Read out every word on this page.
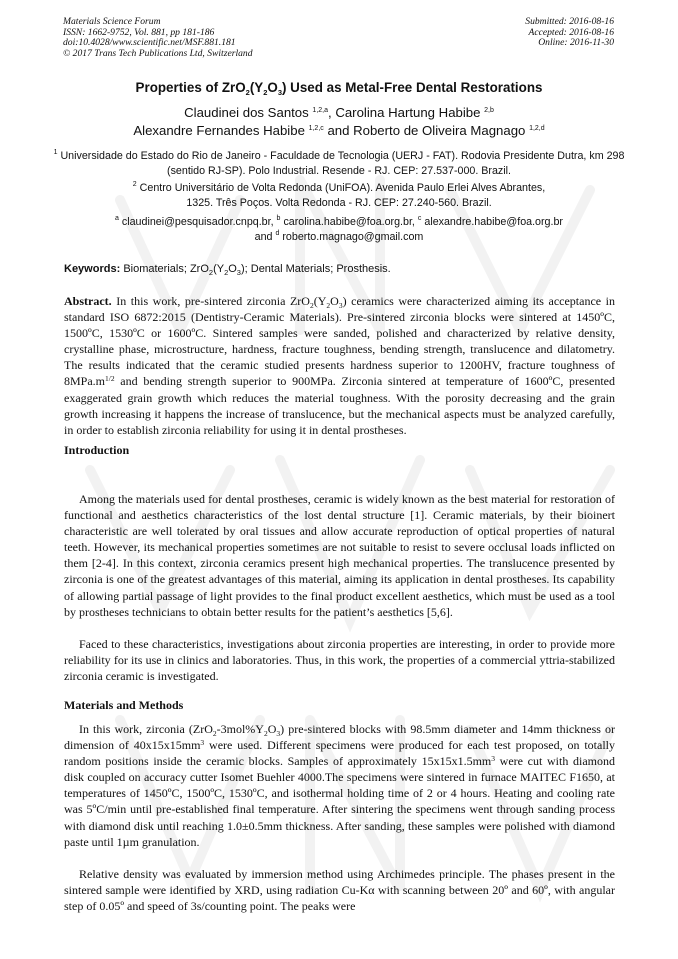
Materials Science Forum
ISSN: 1662-9752, Vol. 881, pp 181-186
doi:10.4028/www.scientific.net/MSF.881.181
© 2017 Trans Tech Publications Ltd, Switzerland
Submitted: 2016-08-16
Accepted: 2016-08-16
Online: 2016-11-30
Properties of $ZrO_2(Y_2O_3)$ Used as Metal-Free Dental Restorations
Claudinei dos Santos $^{1,2,a}$, Carolina Hartung Habibe $^{2,b}$
Alexandre Fernandes Habibe $^{1,2,c}$ and Roberto de Oliveira Magnago $^{1,2,d}$
$^1$ Universidade do Estado do Rio de Janeiro - Faculdade de Tecnologia (UERJ - FAT). Rodovia Presidente Dutra, km 298 (sentido RJ-SP). Polo Industrial. Resende - RJ. CEP: 27.537-000. Brazil.
$^2$ Centro Universitário de Volta Redonda (UniFOA). Avenida Paulo Erlei Alves Abrantes,
1325. Três Poços. Volta Redonda - RJ. CEP: 27.240-560. Brazil.
$^a$ claudinei@pesquisador.cnpq.br, $^b$ carolina.habibe@foa.org.br, $^c$ alexandre.habibe@foa.org.br
and $^d$ roberto.magnago@gmail.com
Keywords: Biomaterials; $ZrO_2(Y_2O_3)$; Dental Materials; Prosthesis.
Abstract. In this work, pre-sintered zirconia $ZrO_2(Y_2O_3)$ ceramics were characterized aiming its acceptance in standard ISO 6872:2015 (Dentistry-Ceramic Materials). Pre-sintered zirconia blocks were sintered at 1450ºC, 1500ºC, 1530ºC or 1600ºC. Sintered samples were sanded, polished and characterized by relative density, crystalline phase, microstructure, hardness, fracture toughness, bending strength, translucence and dilatometry. The results indicated that the ceramic studied presents hardness superior to 1200HV, fracture toughness of $8MPa.m^{1/2}$ and bending strength superior to 900MPa. Zirconia sintered at temperature of 1600ºC, presented exaggerated grain growth which reduces the material toughness. With the porosity decreasing and the grain growth increasing it happens the increase of translucence, but the mechanical aspects must be analyzed carefully, in order to establish zirconia reliability for using it in dental prostheses.
Introduction
Among the materials used for dental prostheses, ceramic is widely known as the best material for restoration of functional and aesthetics characteristics of the lost dental structure [1]. Ceramic materials, by their bioinert characteristic are well tolerated by oral tissues and allow accurate reproduction of optical properties of natural teeth. However, its mechanical properties sometimes are not suitable to resist to severe occlusal loads inflicted on them [2-4]. In this context, zirconia ceramics present high mechanical properties. The translucence presented by zirconia is one of the greatest advantages of this material, aiming its application in dental prostheses. Its capability of allowing partial passage of light provides to the final product excellent aesthetics, which must be used as a tool by prostheses technicians to obtain better results for the patient’s aesthetics [5,6].
Faced to these characteristics, investigations about zirconia properties are interesting, in order to provide more reliability for its use in clinics and laboratories. Thus, in this work, the properties of a commercial yttria-stabilized zirconia ceramic is investigated.
Materials and Methods
In this work, zirconia $(ZrO_2-3mol\%Y_2O_3)$ pre-sintered blocks with 98.5mm diameter and 14mm thickness or dimension of $40x15x15mm^3$ were used. Different specimens were produced for each test proposed, on totally random positions inside the ceramic blocks. Samples of approximately $15x15x1.5mm^3$ were cut with diamond disk coupled on accuracy cutter Isomet Buehler 4000.The specimens were sintered in furnace MAITEC F1650, at temperatures of 1450ºC, 1500ºC, 1530ºC, and isothermal holding time of 2 or 4 hours. Heating and cooling rate was 5ºC/min until pre-established final temperature. After sintering the specimens went through sanding process with diamond disk until reaching 1.0±0.5mm thickness. After sanding, these samples were polished with diamond paste until 1µm granulation.
Relative density was evaluated by immersion method using Archimedes principle. The phases present in the sintered sample were identified by XRD, using radiation Cu-Kα with scanning between 20º and 60º, with angular step of 0.05º and speed of 3s/counting point. The peaks were
